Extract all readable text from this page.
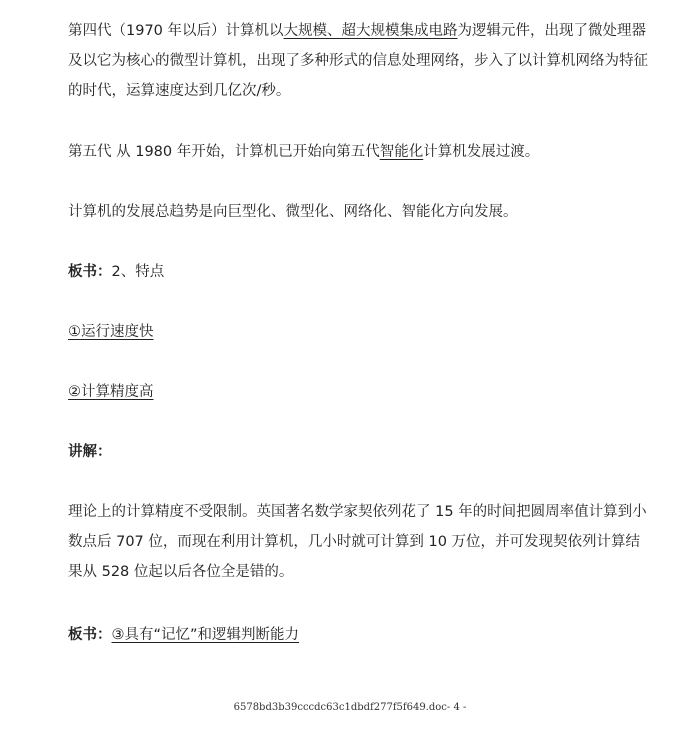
第四代（1970 年以后）计算机以大规模、超大规模集成电路为逻辑元件，出现了微处理器及以它为核心的微型计算机，出现了多种形式的信息处理网络，步入了以计算机网络为特征的时代，运算速度达到几亿次/秒。

第五代 从 1980 年开始，计算机已开始向第五代智能化计算机发展过渡。

计算机的发展总趋势是向巨型化、微型化、网络化、智能化方向发展。

板书：2、特点

①运行速度快

②计算精度高

讲解：

理论上的计算精度不受限制。英国著名数学家契依列花了 15 年的时间把圆周率值计算到小数点后 707 位，而现在利用计算机，几小时就可计算到 10 万位，并可发现契依列计算结果从 528 位起以后各位全是错的。

板书：③具有“记忆”和逻辑判断能力

6578bd3b39cccdc63c1dbdf277f5f649.doc- 4 -
